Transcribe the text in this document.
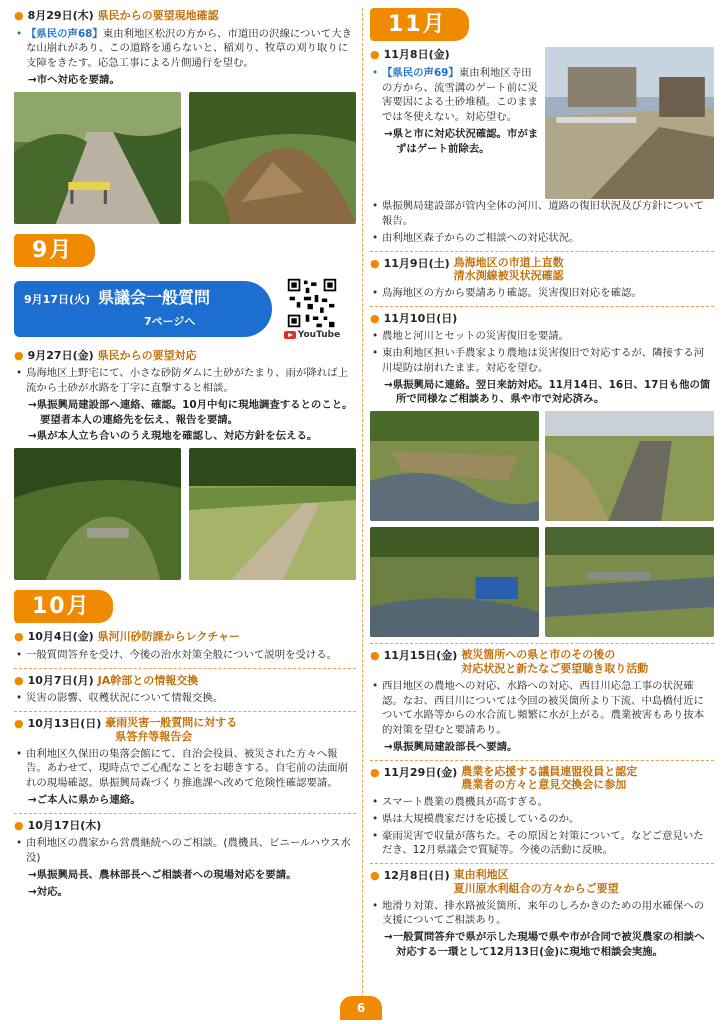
● 8月29日(木) 県民からの要望現地確認
• 【県民の声68】東由利地区松沢の方から、市道田の沢線について大きな山崩れがあり、この道路を通らないと、稲刈り、牧草の刈り取りに支障をきたす。応急工事による片側通行を望む。
→市へ対応を要請。
9月
9月17日(火) 県議会一般質問
7ページへ
YouTube
● 9月27日(金) 県民からの要望対応
• 鳥海地区上野宅にて、小さな砂防ダムに土砂がたまり、雨が降れば上流から土砂が水路を丁字に直撃すると相談。
→県振興局建設部へ連絡、確認。10月中旬に現地調査するとのこと。要望者本人の連絡先を伝え、報告を要請。
→県が本人立ち合いのうえ現地を確認し、対応方針を伝える。
10月
● 10月4日(金) 県河川砂防課からレクチャー
• 一般質問答弁を受け、今後の治水対策全般について説明を受ける。
● 10月7日(月) JA幹部との情報交換
• 災害の影響、収穫状況について情報交換。
● 10月13日(日) 豪雨災害一般質問に対する
県答弁等報告会
• 由利地区久保田の集落会館にて、自治会役員、被災された方々へ報告。あわせて、現時点でご心配なことをお聴きする。自宅前の法面崩れの現場確認。県振興局森づくり推進課へ改めて危険性確認要請。
→ご本人に県から連絡。
● 10月17日(木)
• 由利地区の農家から営農継続へのご相談。(農機具、ビニールハウス水没)
→県振興局長、農林部長へご相談者への現場対応を要請。
→対応。
11月
● 11月8日(金)
• 【県民の声69】東由利地区寺田の方から、流雪溝のゲート前に災害要因による土砂堆積。このままでは冬使えない。対応望む。
→県と市に対応状況確認。市がまずはゲート前除去。
• 県振興局建設部が管内全体の河川、道路の復旧状況及び方針について報告。
• 由利地区森子からのご相談への対応状況。
● 11月9日(土) 鳥海地区の市道上直数
清水渕線被災状況確認
• 鳥海地区の方から要請あり確認。災害復旧対応を確認。
● 11月10日(日)
• 農地と河川とセットの災害復旧を要請。
• 東由利地区担い手農家より農地は災害復旧で対応するが、隣接する河川堤防は崩れたまま。対応を望む。
→県振興局に連絡。翌日来訪対応。11月14日、16日、17日も他の箇所で同様なご相談あり、県や市で対応済み。
● 11月15日(金) 被災箇所への県と市のその後の
対応状況と新たなご要望聴き取り活動
• 西目地区の農地への対応、水路への対応、西目川応急工事の状況確認。なお、西目川については今回の被災箇所より下流、中島橋付近について水路等からの水合流し頻繁に水が上がる。農業被害もあり抜本的対策を望むと要請あり。
→県振興局建設部長へ要請。
● 11月29日(金) 農業を応援する議員連盟役員と認定
農業者の方々と意見交換会に参加
• スマート農業の農機具が高すぎる。
• 県は大規模農家だけを応援しているのか。
• 豪雨災害で収量が落ちた。その原因と対策について。などご意見いただき、12月県議会で質疑等。今後の活動に反映。
● 12月8日(日) 東由利地区
夏川原水利組合の方々からご要望
• 地滑り対策、排水路被災箇所、来年のしろかきのための用水確保への支援についてご相談あり。
→一般質問答弁で県が示した現場で県や市が合同で被災農家の相談へ対応する一環として12月13日(金)に現地で相談会実施。
6
